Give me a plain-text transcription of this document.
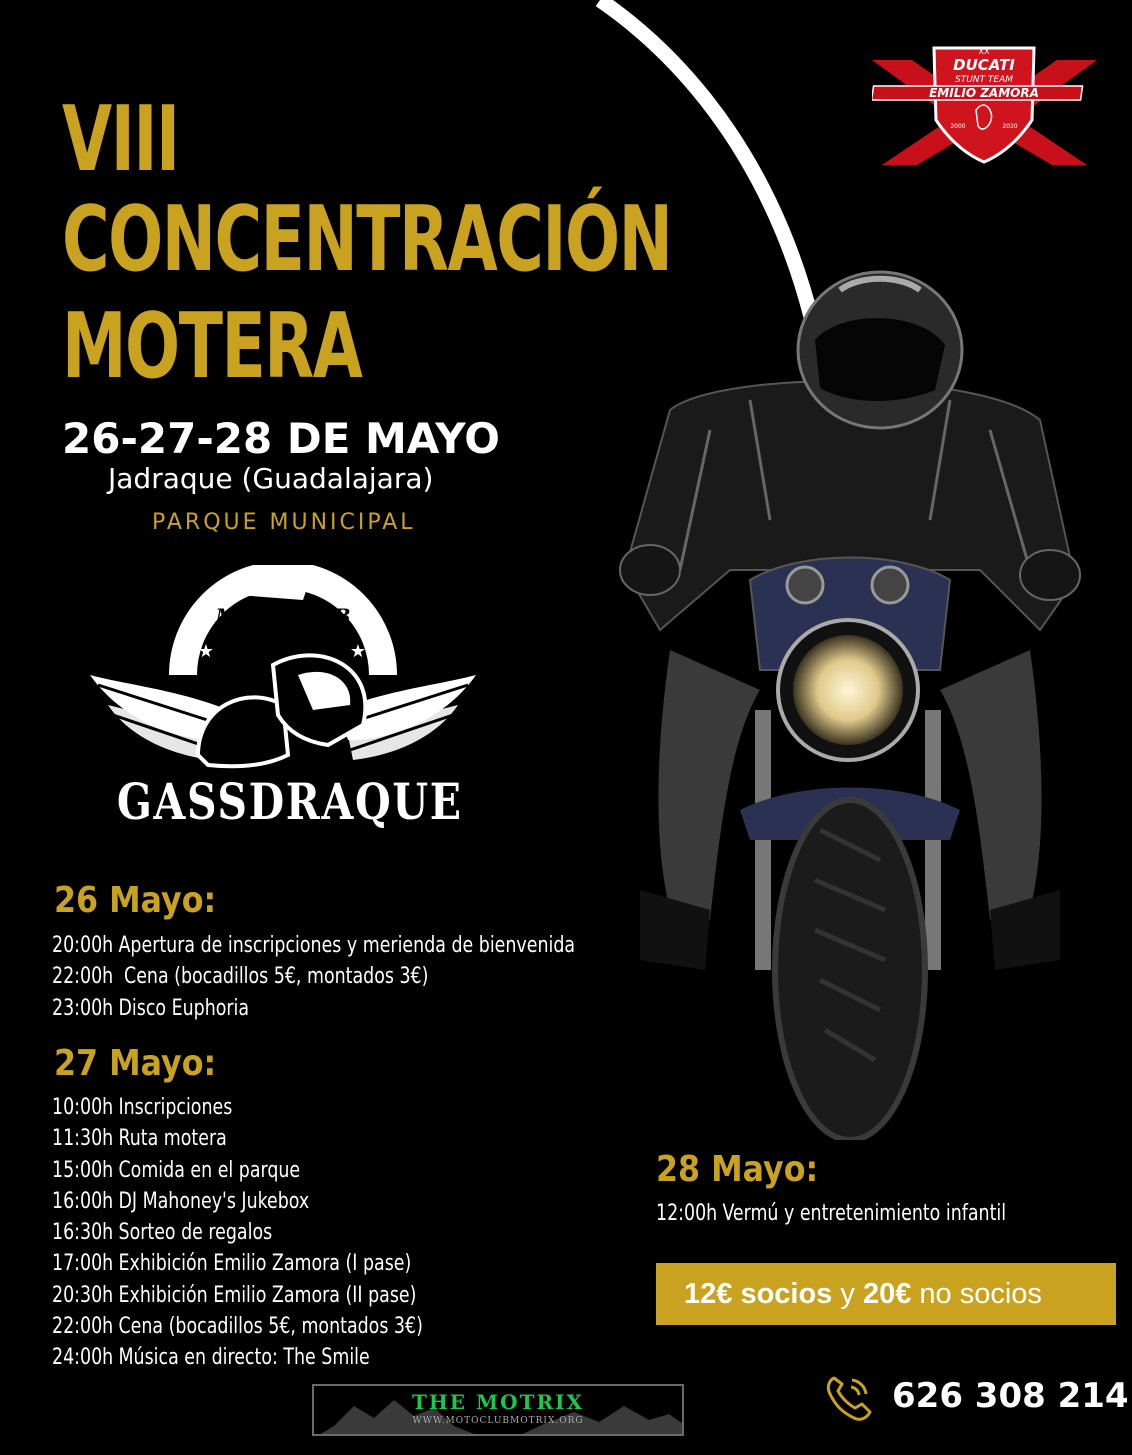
VIII
CONCENTRACIÓN
MOTERA
26-27-28 DE MAYO
Jadraque (Guadalajara)
PARQUE MUNICIPAL
XX
DUCATI
STUNT TEAM
EMILIO ZAMORA
2000	2020
MOTOCLUB
★	★
GASSDRAQUE
26 Mayo:
20:00h Apertura de inscripciones y merienda de bienvenida
22:00h Cena (bocadillos 5€, montados 3€)
23:00h Disco Euphoria
27 Mayo:
10:00h Inscripciones
11:30h Ruta motera
15:00h Comida en el parque
16:00h DJ Mahoney's Jukebox
16:30h Sorteo de regalos
17:00h Exhibición Emilio Zamora (I pase)
20:30h Exhibición Emilio Zamora (II pase)
22:00h Cena (bocadillos 5€, montados 3€)
24:00h Música en directo: The Smile
28 Mayo:
12:00h Vermú y entretenimiento infantil
12€ socios y 20€ no socios
626 308 214
THE MOTRIX
WWW.MOTOCLUBMOTRIX.ORG
